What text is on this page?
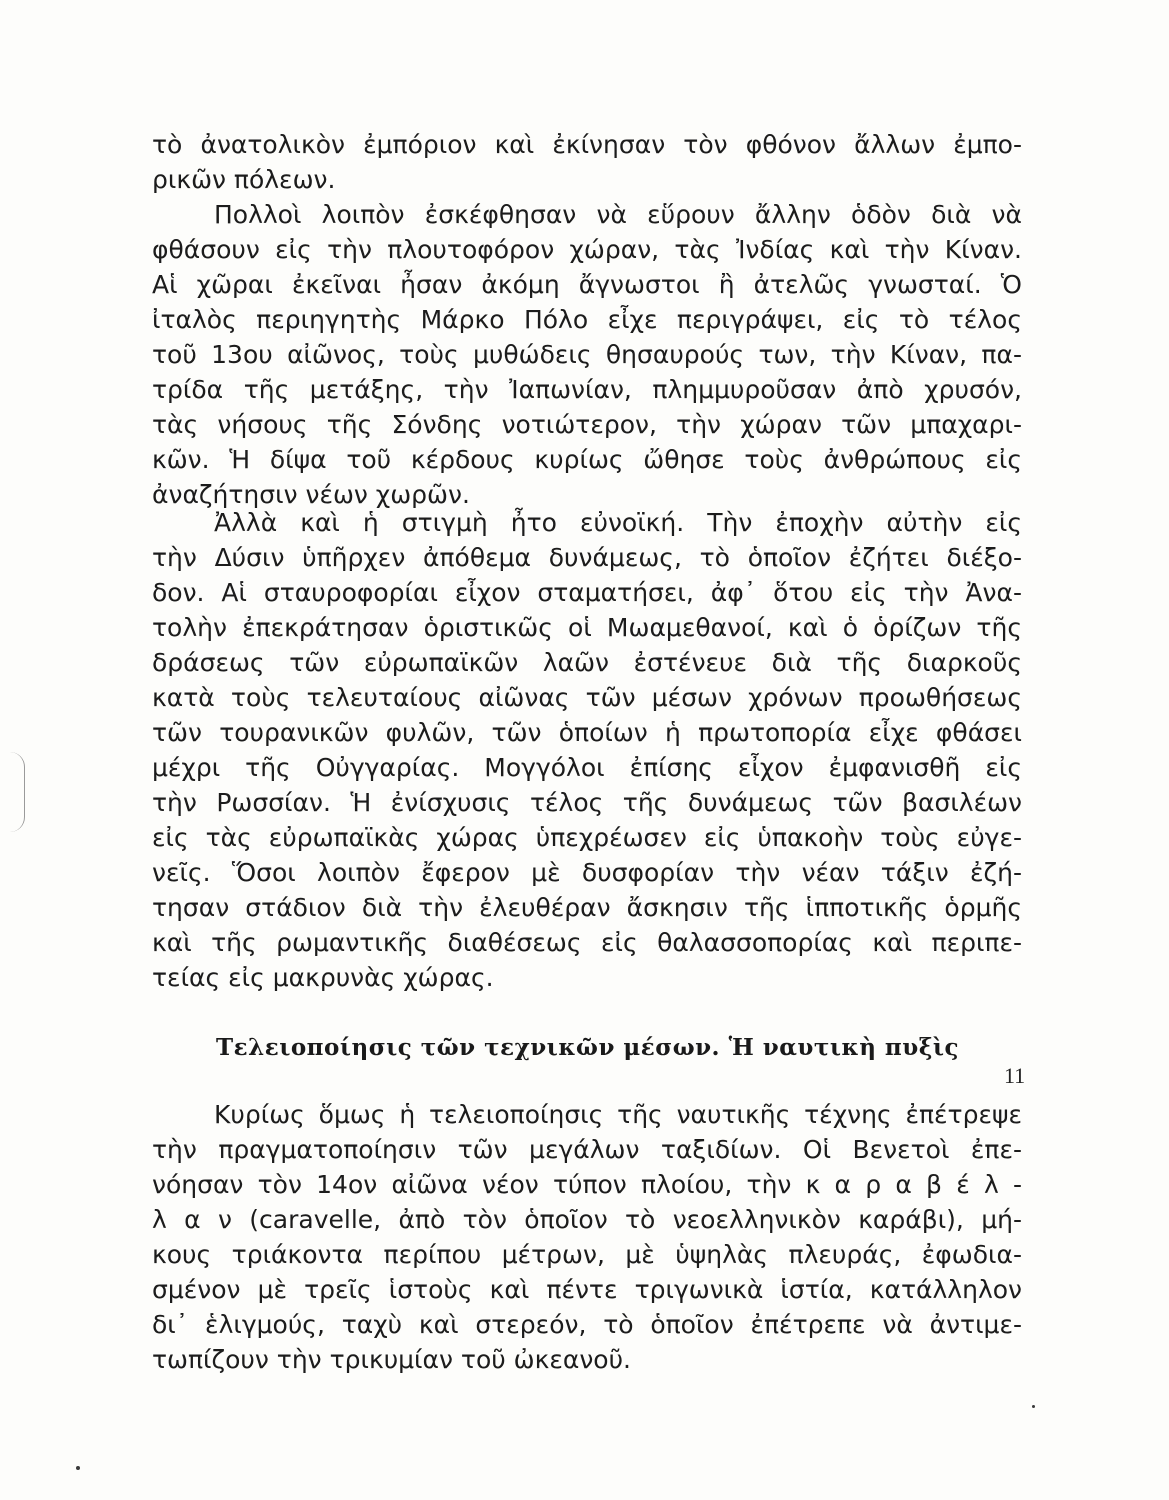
τὸ ἀνατολικὸν ἐμπόριον καὶ ἐκίνησαν τὸν φθόνον ἄλλων ἐμπο-
ρικῶν πόλεων.
Πολλοὶ λοιπὸν ἐσκέφθησαν νὰ εὕρουν ἄλλην ὁδὸν διὰ νὰ
φθάσουν εἰς τὴν πλουτοφόρον χώραν, τὰς Ἰνδίας καὶ τὴν Κίναν.
Αἱ χῶραι ἐκεῖναι ἦσαν ἀκόμη ἄγνωστοι ἢ ἀτελῶς γνωσταί. Ὁ
ἰταλὸς περιηγητὴς Μάρκο Πόλο εἶχε περιγράψει, εἰς τὸ τέλος
τοῦ 13ου αἰῶνος, τοὺς μυθώδεις θησαυρούς των, τὴν Κίναν, πα-
τρίδα τῆς μετάξης, τὴν Ἰαπωνίαν, πλημμυροῦσαν ἀπὸ χρυσόν,
τὰς νήσους τῆς Σόνδης νοτιώτερον, τὴν χώραν τῶν μπαχαρι-
κῶν. Ἡ δίψα τοῦ κέρδους κυρίως ὤθησε τοὺς ἀνθρώπους εἰς
ἀναζήτησιν νέων χωρῶν.
Ἀλλὰ καὶ ἡ στιγμὴ ἦτο εὐνοϊκή. Τὴν ἐποχὴν αὐτὴν εἰς
τὴν Δύσιν ὑπῆρχεν ἀπόθεμα δυνάμεως, τὸ ὁποῖον ἐζήτει διέξο-
δον. Αἱ σταυροφορίαι εἶχον σταματήσει, ἀφ᾿ ὅτου εἰς τὴν Ἀνα-
τολὴν ἐπεκράτησαν ὁριστικῶς οἱ Μωαμεθανοί, καὶ ὁ ὁρίζων τῆς
δράσεως τῶν εὐρωπαϊκῶν λαῶν ἐστένευε διὰ τῆς διαρκοῦς
κατὰ τοὺς τελευταίους αἰῶνας τῶν μέσων χρόνων προωθήσεως
τῶν τουρανικῶν φυλῶν, τῶν ὁποίων ἡ πρωτοπορία εἶχε φθάσει
μέχρι τῆς Οὐγγαρίας. Μογγόλοι ἐπίσης εἶχον ἐμφανισθῆ εἰς
τὴν Ρωσσίαν. Ἡ ἐνίσχυσις τέλος τῆς δυνάμεως τῶν βασιλέων
εἰς τὰς εὐρωπαϊκὰς χώρας ὑπεχρέωσεν εἰς ὑπακοὴν τοὺς εὐγε-
νεῖς. Ὅσοι λοιπὸν ἔφερον μὲ δυσφορίαν τὴν νέαν τάξιν ἐζή-
τησαν στάδιον διὰ τὴν ἐλευθέραν ἄσκησιν τῆς ἱπποτικῆς ὁρμῆς
καὶ τῆς ρωμαντικῆς διαθέσεως εἰς θαλασσοπορίας καὶ περιπε-
τείας εἰς μακρυνὰς χώρας.
Τελειοποίησις τῶν τεχνικῶν μέσων. Ἡ ναυτικὴ πυξὶς
Κυρίως ὅμως ἡ τελειοποίησις τῆς ναυτικῆς τέχνης ἐπέτρεψε
τὴν πραγματοποίησιν τῶν μεγάλων ταξιδίων. Οἱ Βενετοὶ ἐπε-
νόησαν τὸν 14ον αἰῶνα νέον τύπον πλοίου, τὴν κ α ρ α β έ λ -
λ α ν (caravelle, ἀπὸ τὸν ὁποῖον τὸ νεοελληνικὸν καράβι), μή-
κους τριάκοντα περίπου μέτρων, μὲ ὑψηλὰς πλευράς, ἐφωδια-
σμένον μὲ τρεῖς ἱστοὺς καὶ πέντε τριγωνικὰ ἱστία, κατάλληλον
δι᾿ ἑλιγμούς, ταχὺ καὶ στερεόν, τὸ ὁποῖον ἐπέτρεπε νὰ ἀντιμε-
τωπίζουν τὴν τρικυμίαν τοῦ ὠκεανοῦ.
11
